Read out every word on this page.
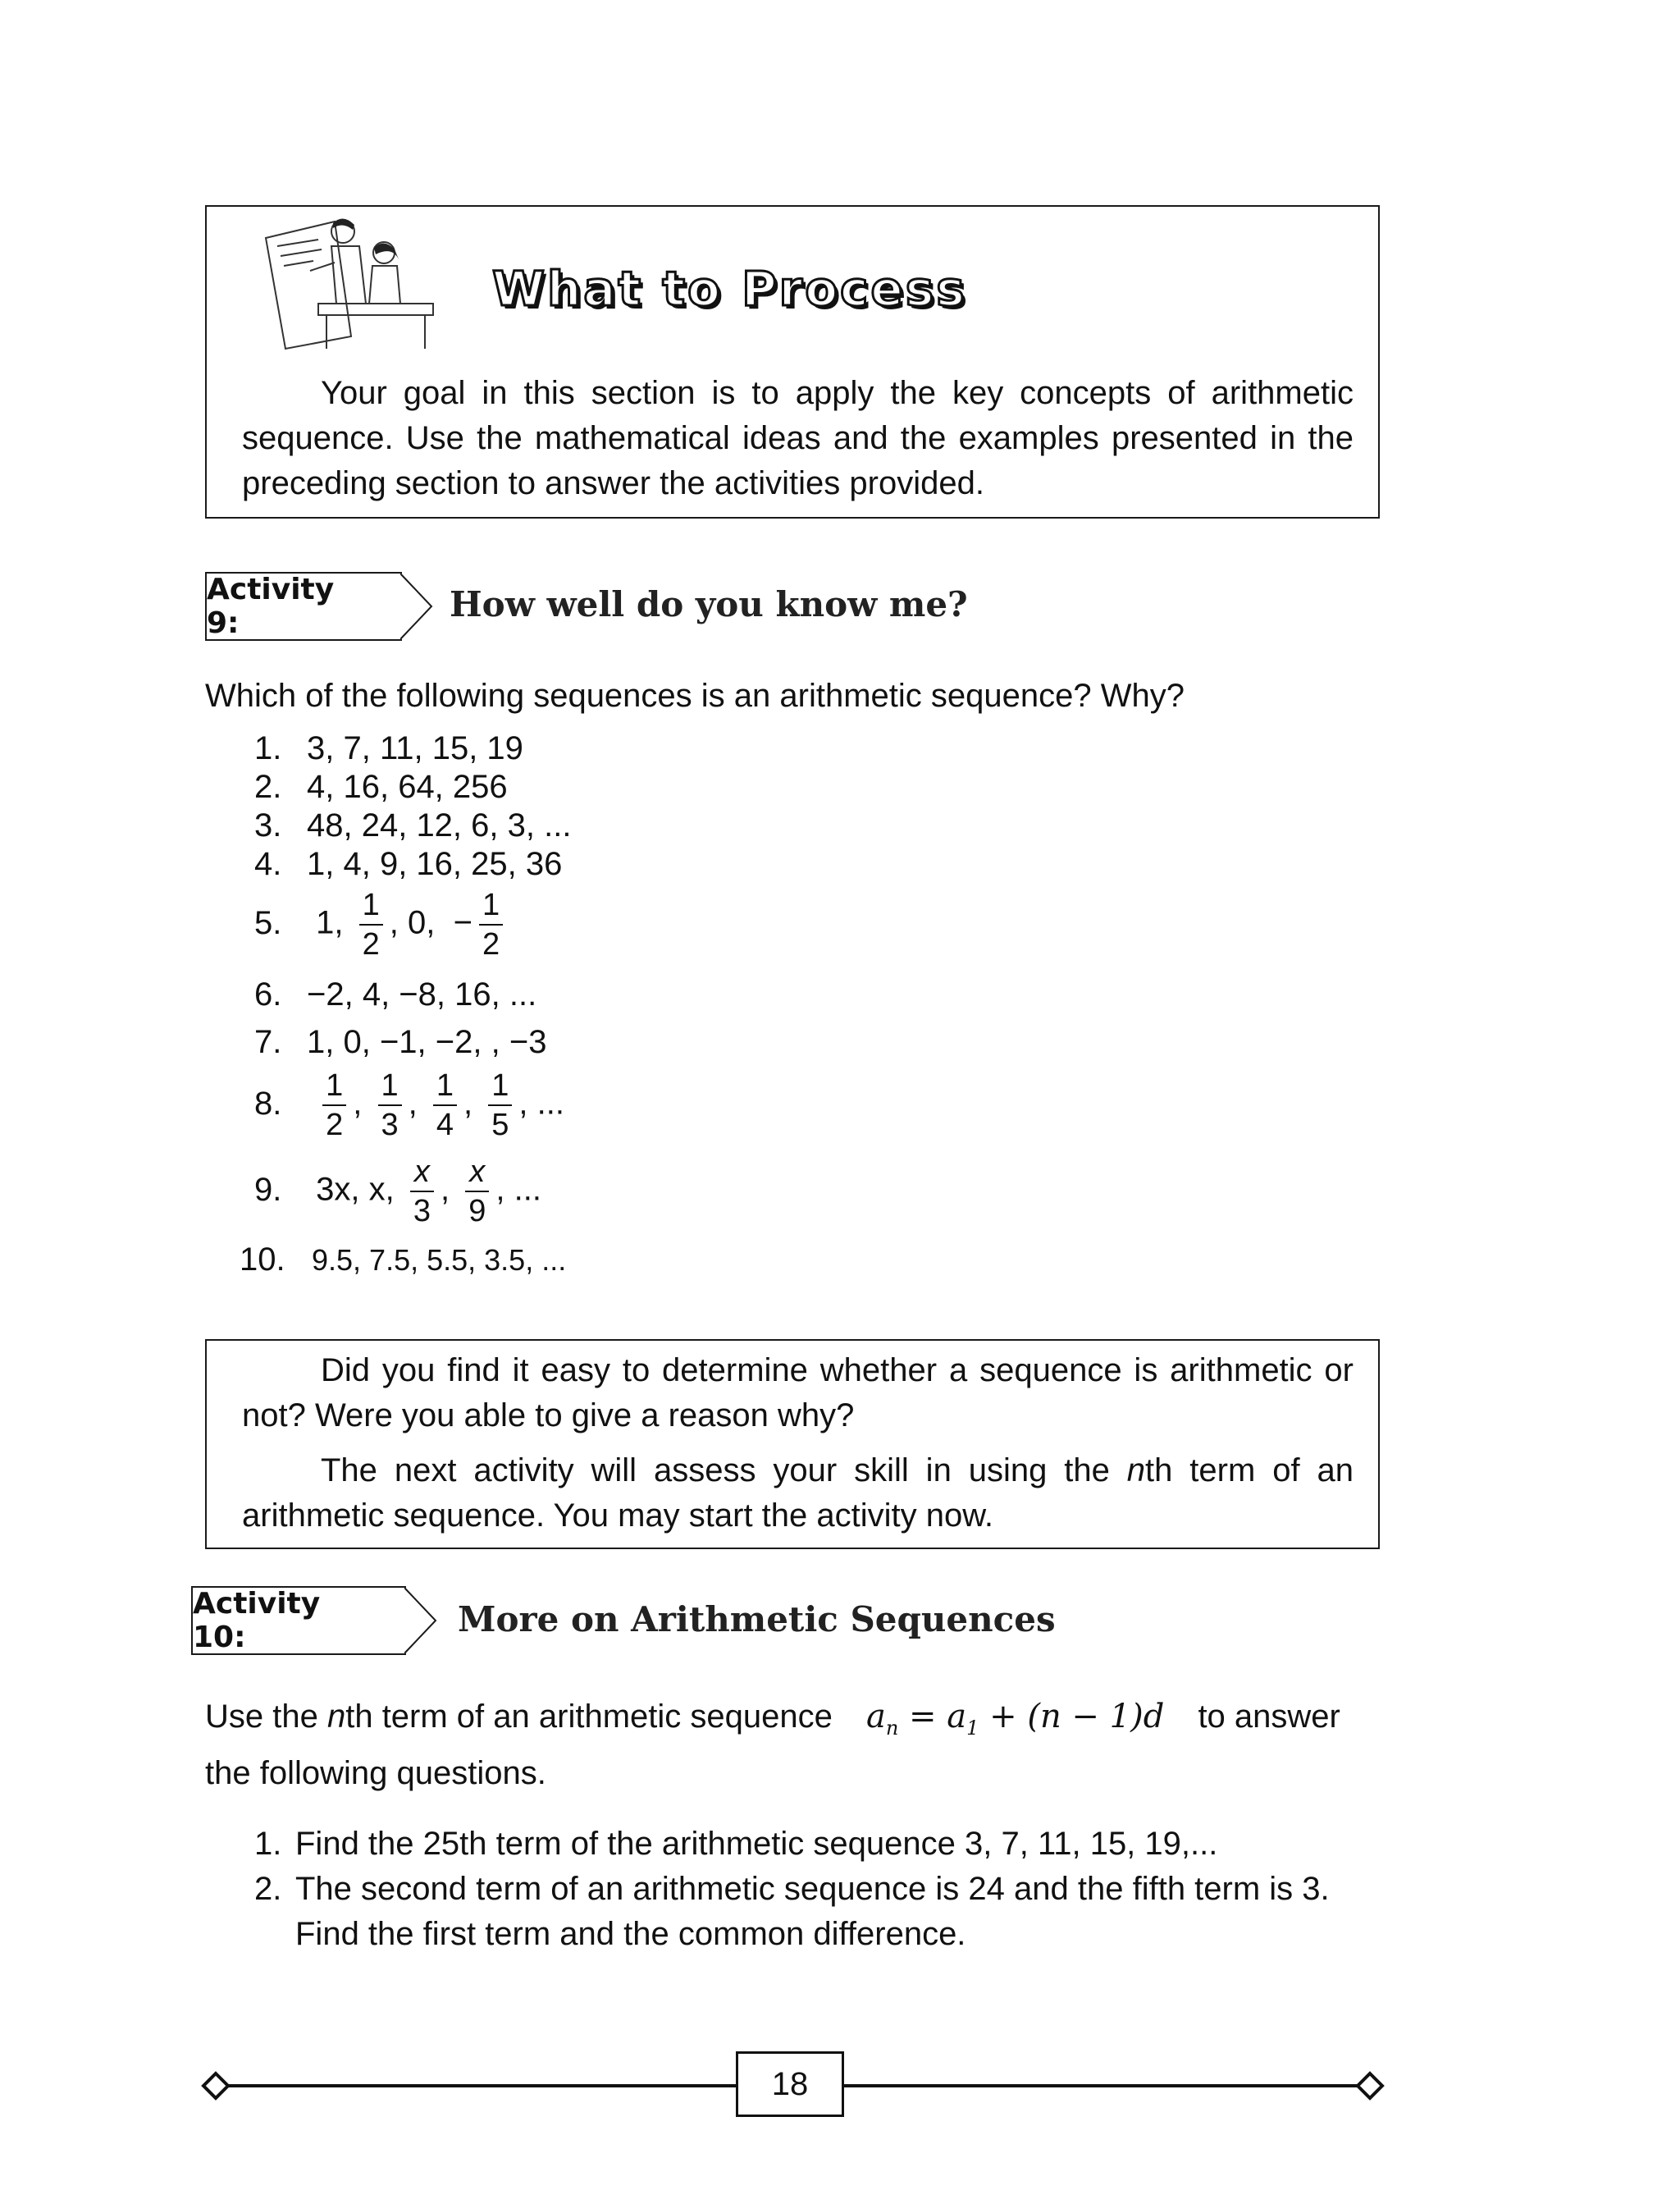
What to Process

Your goal in this section is to apply the key concepts of arithmetic sequence. Use the mathematical ideas and the examples presented in the preceding section to answer the activities provided.

Activity 9:	How well do you know me?
Which of the following sequences is an arithmetic sequence? Why?
1. 3, 7, 11, 15, 19
2. 4, 16, 64, 256
3. 48, 24, 12, 6, 3, ...
4. 1, 4, 9, 16, 25, 36
5. 1, $\frac{1}{2}$ , 0,  − $\frac{1}{2}$
6. −2, 4, −8, 16, ...
7. 1, 0, −1, −2, , −3
8. $\frac{1}{2}$ , $\frac{1}{3}$ , $\frac{1}{4}$ , $\frac{1}{5}$ , ...
9. 3x, x, $\frac{x}{3}$ , $\frac{x}{9}$ , ...
10. 9.5, 7.5, 5.5, 3.5, ...

Did you find it easy to determine whether a sequence is arithmetic or not? Were you able to give a reason why?

The next activity will assess your skill in using the nth term of an arithmetic sequence. You may start the activity now.

Activity 10:	More on Arithmetic Sequences
Use the nth term of an arithmetic sequence $a_n = a_1 + (n - 1)d$ to answer the following questions.
1. Find the 25th term of the arithmetic sequence 3, 7, 11, 15, 19,...
2. The second term of an arithmetic sequence is 24 and the fifth term is 3. Find the first term and the common difference.
18
